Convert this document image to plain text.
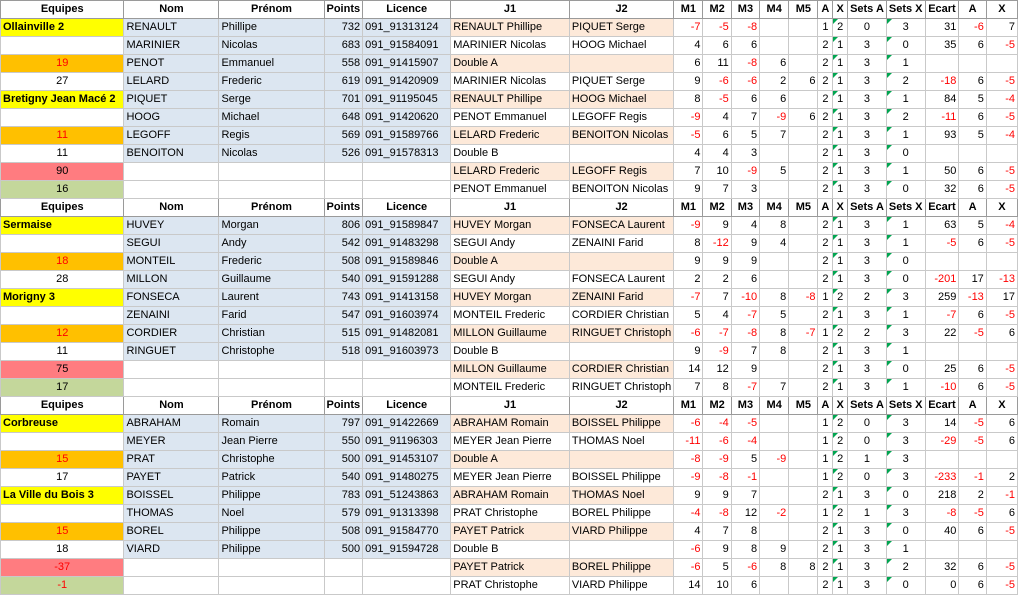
Equipes	Nom	Prénom	Points	Licence	J1	J2	M1	M2	M3	M4	M5	A	X	Sets A	Sets X	Ecart	A	X
Ollainville 2	RENAULT	Phillipe	732	091_91313124	RENAULT Phillipe	PIQUET Serge	-7	-5	-8			1	2	0	3	31	-6	7
	MARINIER	Nicolas	683	091_91584091	MARINIER Nicolas	HOOG Michael	4	6	6			2	1	3	0	35	6	-5
19	PENOT	Emmanuel	558	091_91415907	Double A		6	11	-8	6		2	1	3	1			
27	LELARD	Frederic	619	091_91420909	MARINIER Nicolas	PIQUET Serge	9	-6	-6	2	6	2	1	3	2	-18	6	-5
Bretigny Jean Macé 2	PIQUET	Serge	701	091_91195045	RENAULT Phillipe	HOOG Michael	8	-5	6	6		2	1	3	1	84	5	-4
	HOOG	Michael	648	091_91420620	PENOT Emmanuel	LEGOFF Regis	-9	4	7	-9	6	2	1	3	2	-11	6	-5
11	LEGOFF	Regis	569	091_91589766	LELARD Frederic	BENOITON Nicolas	-5	6	5	7		2	1	3	1	93	5	-4
11	BENOITON	Nicolas	526	091_91578313	Double B		4	4	3			2	1	3	0			
90					LELARD Frederic	LEGOFF Regis	7	10	-9	5		2	1	3	1	50	6	-5
16					PENOT Emmanuel	BENOITON Nicolas	9	7	3			2	1	3	0	32	6	-5
Equipes	Nom	Prénom	Points	Licence	J1	J2	M1	M2	M3	M4	M5	A	X	Sets A	Sets X	Ecart	A	X
Sermaise	HUVEY	Morgan	806	091_91589847	HUVEY Morgan	FONSECA Laurent	-9	9	4	8		2	1	3	1	63	5	-4
	SEGUI	Andy	542	091_91483298	SEGUI Andy	ZENAINI Farid	8	-12	9	4		2	1	3	1	-5	6	-5
18	MONTEIL	Frederic	508	091_91589846	Double A		9	9	9			2	1	3	0			
28	MILLON	Guillaume	540	091_91591288	SEGUI Andy	FONSECA Laurent	2	2	6			2	1	3	0	-201	17	-13
Morigny 3	FONSECA	Laurent	743	091_91413158	HUVEY Morgan	ZENAINI Farid	-7	7	-10	8	-8	1	2	2	3	259	-13	17
	ZENAINI	Farid	547	091_91603974	MONTEIL Frederic	CORDIER Christian	5	4	-7	5		2	1	3	1	-7	6	-5
12	CORDIER	Christian	515	091_91482081	MILLON Guillaume	RINGUET Christoph	-6	-7	-8	8	-7	1	2	2	3	22	-5	6
11	RINGUET	Christophe	518	091_91603973	Double B		9	-9	7	8		2	1	3	1			
75					MILLON Guillaume	CORDIER Christian	14	12	9			2	1	3	0	25	6	-5
17					MONTEIL Frederic	RINGUET Christoph	7	8	-7	7		2	1	3	1	-10	6	-5
Equipes	Nom	Prénom	Points	Licence	J1	J2	M1	M2	M3	M4	M5	A	X	Sets A	Sets X	Ecart	A	X
Corbreuse	ABRAHAM	Romain	797	091_91422669	ABRAHAM Romain	BOISSEL Philippe	-6	-4	-5			1	2	0	3	14	-5	6
	MEYER	Jean Pierre	550	091_91196303	MEYER Jean Pierre	THOMAS Noel	-11	-6	-4			1	2	0	3	-29	-5	6
15	PRAT	Christophe	500	091_91453107	Double A		-8	-9	5	-9		1	2	1	3			
17	PAYET	Patrick	540	091_91480275	MEYER Jean Pierre	BOISSEL Philippe	-9	-8	-1			1	2	0	3	-233	-1	2
La Ville du Bois 3	BOISSEL	Philippe	783	091_51243863	ABRAHAM Romain	THOMAS Noel	9	9	7			2	1	3	0	218	2	-1
	THOMAS	Noel	579	091_91313398	PRAT Christophe	BOREL Philippe	-4	-8	12	-2		1	2	1	3	-8	-5	6
15	BOREL	Philippe	508	091_91584770	PAYET Patrick	VIARD Philippe	4	7	8			2	1	3	0	40	6	-5
18	VIARD	Philippe	500	091_91594728	Double B		-6	9	8	9		2	1	3	1			
-37					PAYET Patrick	BOREL Philippe	-6	5	-6	8	8	2	1	3	2	32	6	-5
-1					PRAT Christophe	VIARD Philippe	14	10	6			2	1	3	0	0	6	-5
